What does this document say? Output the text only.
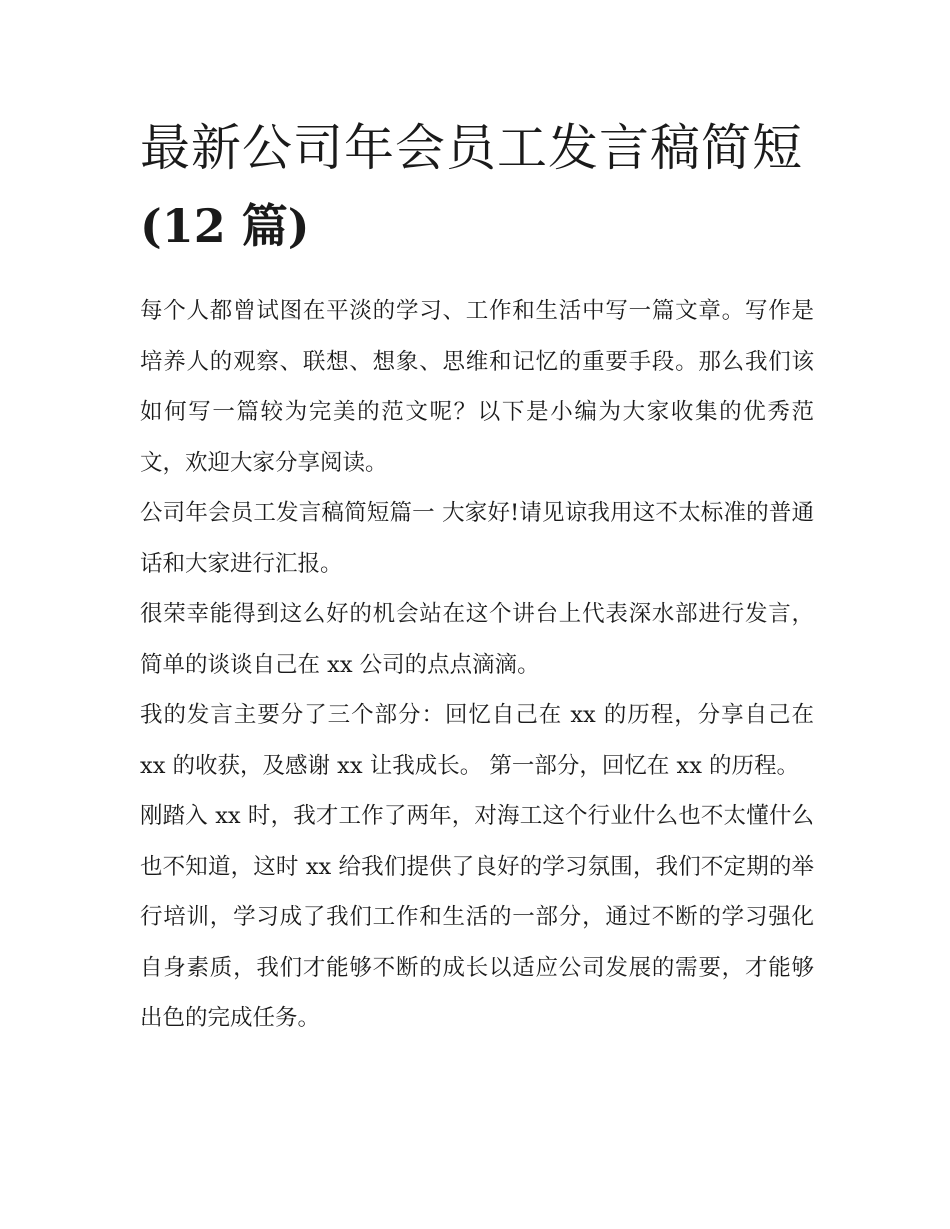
最新公司年会员工发言稿简短
(12 篇)

每个人都曾试图在平淡的学习、工作和生活中写一篇文章。写作是培养人的观察、联想、想象、思维和记忆的重要手段。那么我们该如何写一篇较为完美的范文呢？以下是小编为大家收集的优秀范文，欢迎大家分享阅读。

公司年会员工发言稿简短篇一 大家好!请见谅我用这不太标准的普通话和大家进行汇报。

很荣幸能得到这么好的机会站在这个讲台上代表深水部进行发言，简单的谈谈自己在 xx 公司的点点滴滴。

我的发言主要分了三个部分：回忆自己在 xx 的历程，分享自己在 xx 的收获，及感谢 xx 让我成长。 第一部分，回忆在 xx 的历程。

刚踏入 xx 时，我才工作了两年，对海工这个行业什么也不太懂什么也不知道，这时 xx 给我们提供了良好的学习氛围，我们不定期的举行培训，学习成了我们工作和生活的一部分，通过不断的学习强化自身素质，我们才能够不断的成长以适应公司发展的需要，才能够出色的完成任务。
